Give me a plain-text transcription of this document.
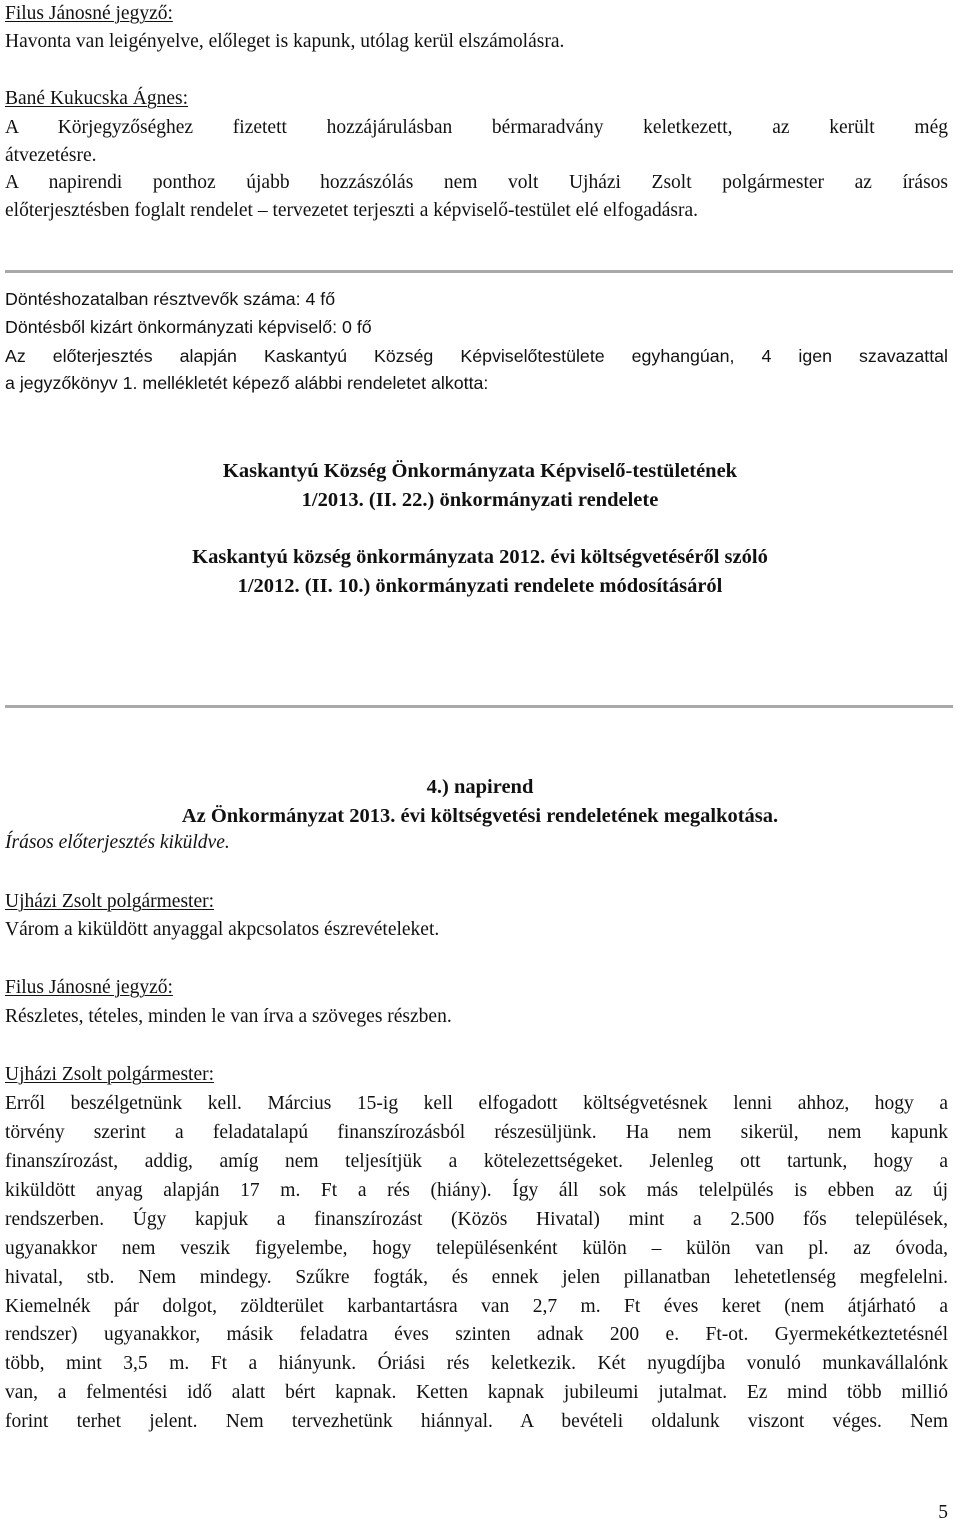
Filus Jánosné jegyző:
Havonta van leigényelve, előleget is kapunk, utólag kerül elszámolásra.
Bané Kukucska Ágnes:
A Körjegyzőséghez fizetett hozzájárulásban bérmaradvány keletkezett, az került még
átvezetésre.
A napirendi ponthoz újabb hozzászólás nem volt Ujházi Zsolt polgármester az írásos
előterjesztésben foglalt rendelet – tervezetet terjeszti a képviselő-testület elé elfogadásra.
Döntéshozatalban résztvevők száma: 4 fő
Döntésből kizárt önkormányzati képviselő: 0 fő
Az előterjesztés alapján Kaskantyú Község Képviselőtestülete egyhangúan, 4 igen szavazattal
a jegyzőkönyv 1. mellékletét képező alábbi rendeletet alkotta:
Kaskantyú Község Önkormányzata Képviselő-testületének
1/2013. (II. 22.) önkormányzati rendelete
Kaskantyú község önkormányzata 2012. évi költségvetéséről szóló
1/2012. (II. 10.) önkormányzati rendelete módosításáról
4.) napirend
Az Önkormányzat 2013. évi költségvetési rendeletének megalkotása.
Írásos előterjesztés kiküldve.
Ujházi Zsolt polgármester:
Várom a kiküldött anyaggal akpcsolatos észrevételeket.
Filus Jánosné jegyző:
Részletes, tételes, minden le van írva a szöveges részben.
Ujházi Zsolt polgármester:
Erről beszélgetnünk kell. Március 15-ig kell elfogadott költségvetésnek lenni ahhoz, hogy a
törvény szerint a feladatalapú finanszírozásból részesüljünk. Ha nem sikerül, nem kapunk
finanszírozást, addig, amíg nem teljesítjük a kötelezettségeket. Jelenleg ott tartunk, hogy a
kiküldött anyag alapján 17 m. Ft a rés (hiány). Így áll sok más telelpülés is ebben az új
rendszerben. Úgy kapjuk a finanszírozást (Közös Hivatal) mint a 2.500 fős települések,
ugyanakkor nem veszik figyelembe, hogy településenként külön – külön van pl. az óvoda,
hivatal, stb. Nem mindegy. Szűkre fogták, és ennek jelen pillanatban lehetetlenség megfelelni.
Kiemelnék pár dolgot, zöldterület karbantartásra van 2,7 m. Ft éves keret (nem átjárható a
rendszer) ugyanakkor, másik feladatra éves szinten adnak 200 e. Ft-ot. Gyermekétkeztetésnél
több, mint 3,5 m. Ft a hiányunk. Óriási rés keletkezik. Két nyugdíjba vonuló munkavállalónk
van, a felmentési idő alatt bért kapnak. Ketten kapnak jubileumi jutalmat. Ez mind több millió
forint terhet jelent. Nem tervezhetünk hiánnyal. A bevételi oldalunk viszont véges. Nem
5
